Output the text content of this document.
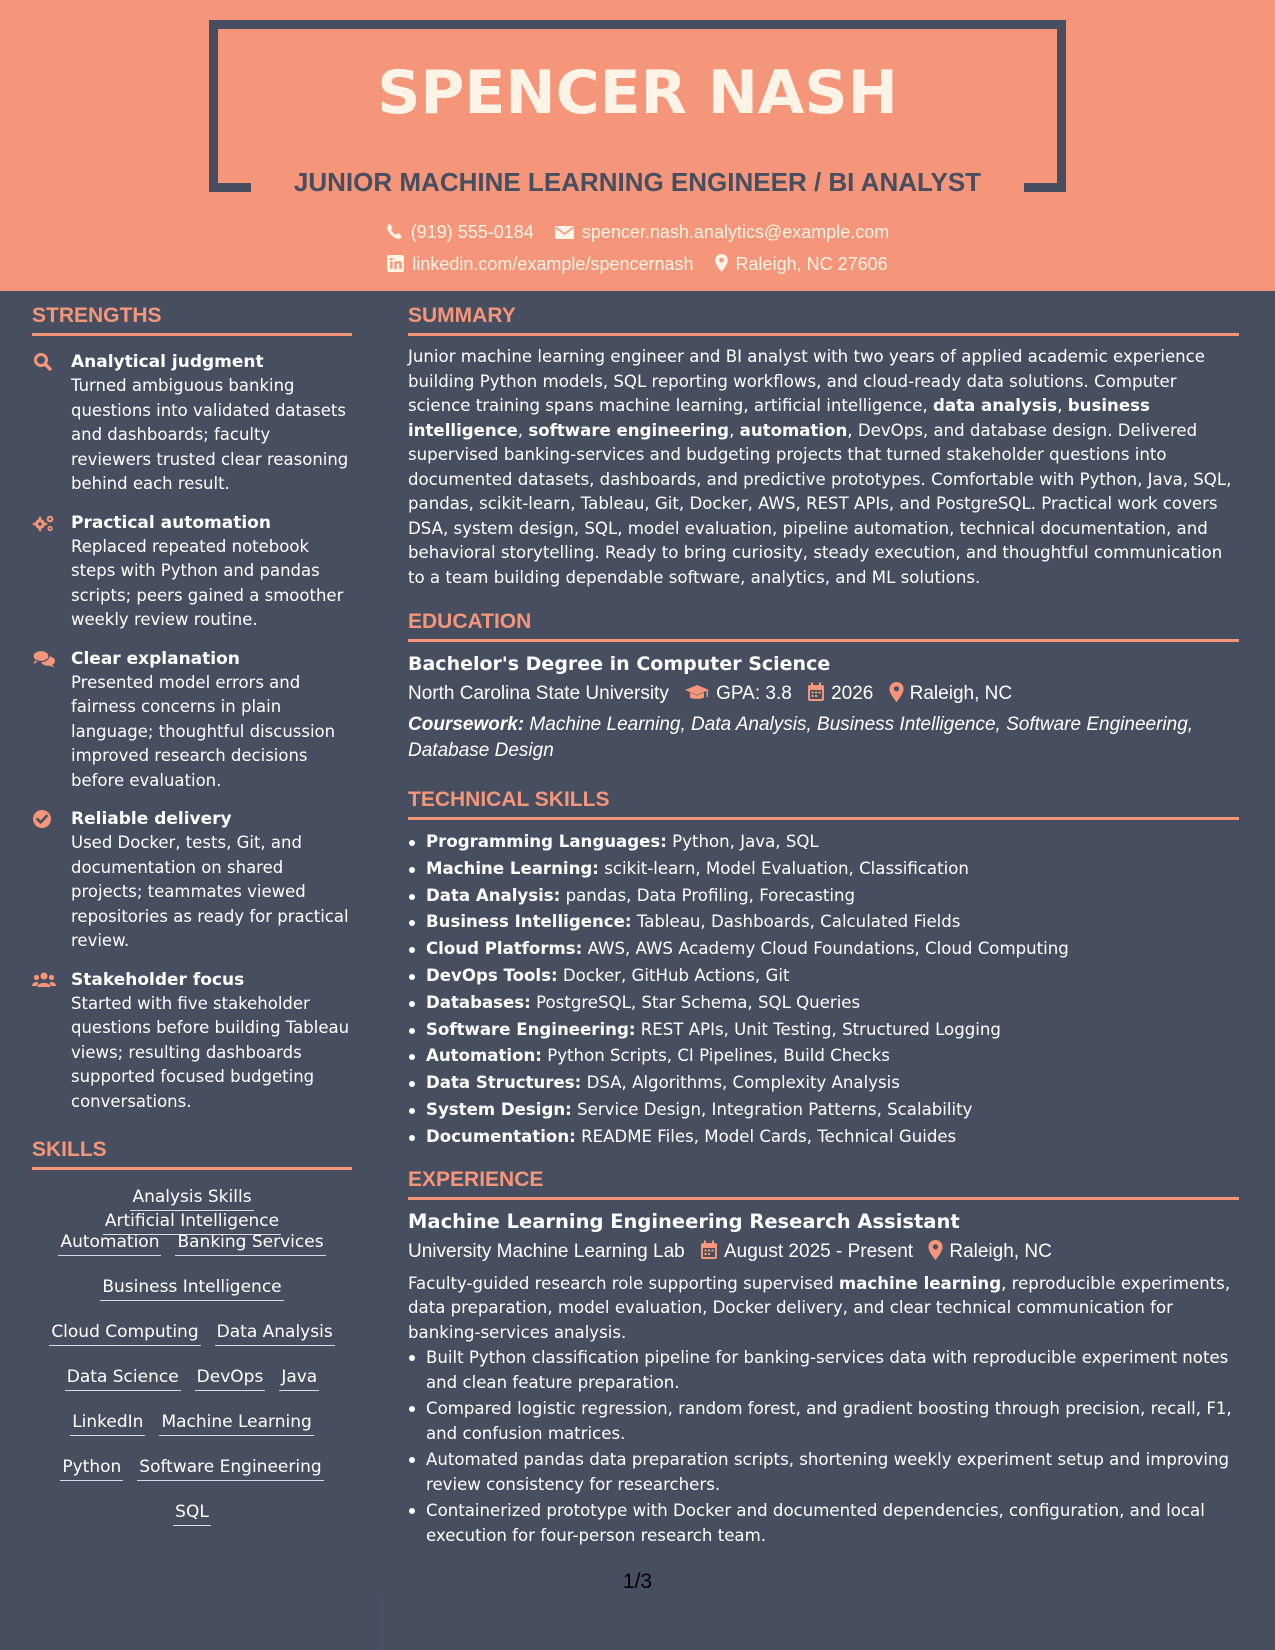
SPENCER NASH
JUNIOR MACHINE LEARNING ENGINEER / BI ANALYST
(919) 555-0184	spencer.nash.analytics@example.com
linkedin.com/example/spencernash Raleigh, NC 27606
STRENGTHS
Analytical judgment
Turned ambiguous banking questions into validated datasets and dashboards; faculty reviewers trusted clear reasoning behind each result.
Practical automation
Replaced repeated notebook steps with Python and pandas scripts; peers gained a smoother weekly review routine.
Clear explanation
Presented model errors and fairness concerns in plain language; thoughtful discussion improved research decisions before evaluation.
Reliable delivery
Used Docker, tests, Git, and documentation on shared projects; teammates viewed repositories as ready for practical review.
Stakeholder focus
Started with five stakeholder questions before building Tableau views; resulting dashboards supported focused budgeting conversations.
SKILLS
Analysis SkillsArtificial Intelligence
Automation Banking Services
Business Intelligence
Cloud Computing Data Analysis
Data Science DevOps Java
LinkedIn Machine Learning
Python Software Engineering
SQL
SUMMARY

Junior machine learning engineer and BI analyst with two years of applied academic experience building Python models, SQL reporting workflows, and cloud-ready data solutions. Computer science training spans machine learning, artificial intelligence, data analysis, business intelligence, software engineering, automation, DevOps, and database design. Delivered supervised banking-services and budgeting projects that turned stakeholder questions into documented datasets, dashboards, and predictive prototypes. Comfortable with Python, Java, SQL, pandas, scikit-learn, Tableau, Git, Docker, AWS, REST APIs, and PostgreSQL. Practical work covers DSA, system design, SQL, model evaluation, pipeline automation, technical documentation, and behavioral storytelling. Ready to bring curiosity, steady execution, and thoughtful communication to a team building dependable software, analytics, and ML solutions.

EDUCATION
Bachelor's Degree in Computer Science
North Carolina State University GPA: 3.8 2026 Raleigh, NC
Coursework: Machine Learning, Data Analysis, Business Intelligence, Software Engineering, Database Design
TECHNICAL SKILLS
Programming Languages: Python, Java, SQL
Machine Learning: scikit-learn, Model Evaluation, Classification
Data Analysis: pandas, Data Profiling, Forecasting
Business Intelligence: Tableau, Dashboards, Calculated Fields
Cloud Platforms: AWS, AWS Academy Cloud Foundations, Cloud Computing
DevOps Tools: Docker, GitHub Actions, Git
Databases: PostgreSQL, Star Schema, SQL Queries
Software Engineering: REST APIs, Unit Testing, Structured Logging
Automation: Python Scripts, CI Pipelines, Build Checks
Data Structures: DSA, Algorithms, Complexity Analysis
System Design: Service Design, Integration Patterns, Scalability
Documentation: README Files, Model Cards, Technical Guides
EXPERIENCE
Machine Learning Engineering Research Assistant
University Machine Learning Lab August 2025 - Present Raleigh, NC

Faculty-guided research role supporting supervised machine learning, reproducible experiments, data preparation, model evaluation, Docker delivery, and clear technical communication for banking-services analysis.

Built Python classification pipeline for banking-services data with reproducible experiment notes and clean feature preparation.
Compared logistic regression, random forest, and gradient boosting through precision, recall, F1, and confusion matrices.
Automated pandas data preparation scripts, shortening weekly experiment setup and improving review consistency for researchers.
Containerized prototype with Docker and documented dependencies, configuration, and local execution for four-person research team.
1/3
